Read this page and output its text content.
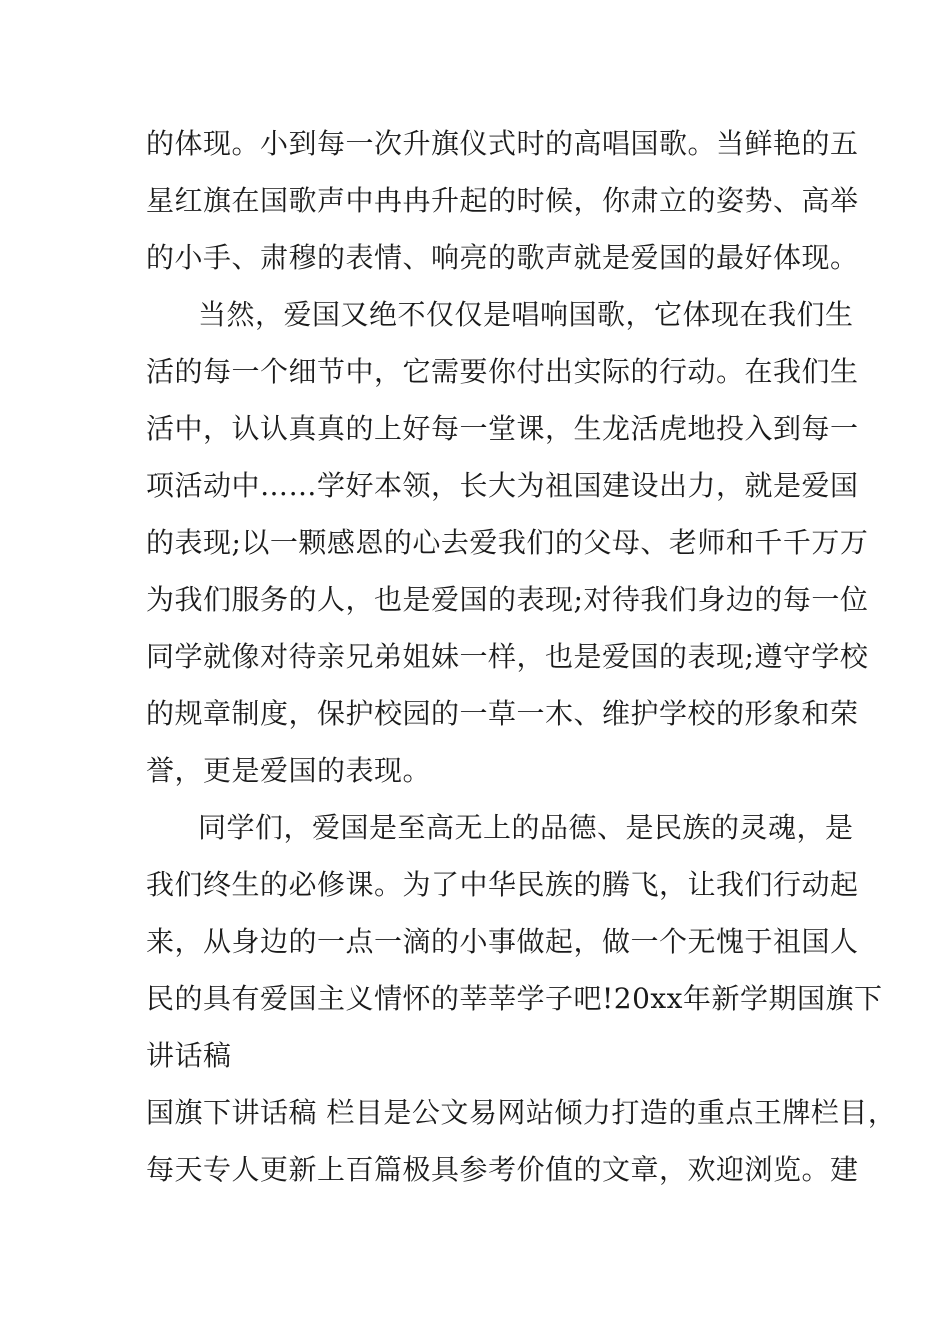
的体现。小到每一次升旗仪式时的高唱国歌。当鲜艳的五
星红旗在国歌声中冉冉升起的时候，你肃立的姿势、高举
的小手、肃穆的表情、响亮的歌声就是爱国的最好体现。
当然，爱国又绝不仅仅是唱响国歌，它体现在我们生
活的每一个细节中，它需要你付出实际的行动。在我们生
活中，认认真真的上好每一堂课，生龙活虎地投入到每一
项活动中……学好本领，长大为祖国建设出力，就是爱国
的表现;以一颗感恩的心去爱我们的父母、老师和千千万万
为我们服务的人，也是爱国的表现;对待我们身边的每一位
同学就像对待亲兄弟姐妹一样，也是爱国的表现;遵守学校
的规章制度，保护校园的一草一木、维护学校的形象和荣
誉，更是爱国的表现。
同学们，爱国是至高无上的品德、是民族的灵魂，是
我们终生的必修课。为了中华民族的腾飞，让我们行动起
来，从身边的一点一滴的小事做起，做一个无愧于祖国人
民的具有爱国主义情怀的莘莘学子吧!20xx年新学期国旗下
讲话稿
国旗下讲话稿 栏目是公文易网站倾力打造的重点王牌栏目，
每天专人更新上百篇极具参考价值的文章，欢迎浏览。建
